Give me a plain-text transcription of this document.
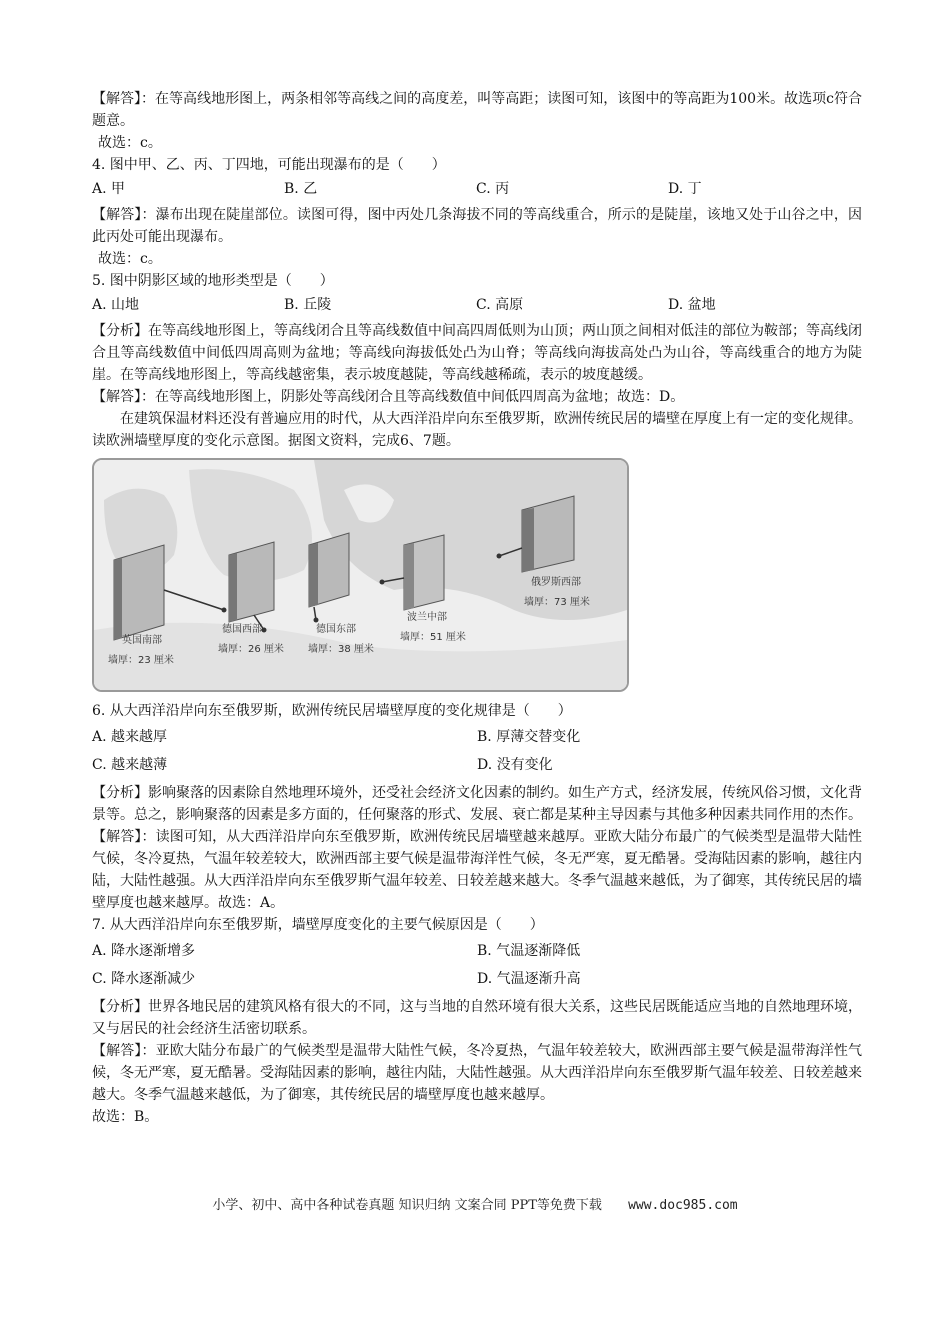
【解答】：在等高线地形图上，两条相邻等高线之间的高度差，叫等高距；读图可知，该图中的等高距为100米。故选项c符合题意。

故选：c。

4. 图中甲、乙、丙、丁四地，可能出现瀑布的是（　　）

A. 甲	B. 乙	C. 丙	D. 丁

【解答】：瀑布出现在陡崖部位。读图可得，图中丙处几条海拔不同的等高线重合，所示的是陡崖，该地又处于山谷之中，因此丙处可能出现瀑布。

故选：c。

5. 图中阴影区域的地形类型是（　　）

A. 山地	B. 丘陵	C. 高原	D. 盆地

【分析】在等高线地形图上，等高线闭合且等高线数值中间高四周低则为山顶；两山顶之间相对低洼的部位为鞍部；等高线闭合且等高线数值中间低四周高则为盆地；等高线向海拔低处凸为山脊；等高线向海拔高处凸为山谷，等高线重合的地方为陡崖。在等高线地形图上，等高线越密集，表示坡度越陡，等高线越稀疏，表示的坡度越缓。

【解答】：在等高线地形图上，阴影处等高线闭合且等高线数值中间低四周高为盆地；故选：D。

在建筑保温材料还没有普遍应用的时代，从大西洋沿岸向东至俄罗斯，欧洲传统民居的墙壁在厚度上有一定的变化规律。读欧洲墙壁厚度的变化示意图。据图文资料，完成6、7题。

英国南部
墙厚：23 厘米
德国西部
墙厚：26 厘米
德国东部
墙厚：38 厘米
波兰中部
墙厚：51 厘米
俄罗斯西部
墙厚：73 厘米

6. 从大西洋沿岸向东至俄罗斯，欧洲传统民居墙壁厚度的变化规律是（　　）

A. 越来越厚	B. 厚薄交替变化
C. 越来越薄	D. 没有变化

【分析】影响聚落的因素除自然地理环境外，还受社会经济文化因素的制约。如生产方式，经济发展，传统风俗习惯，文化背景等。总之，影响聚落的因素是多方面的，任何聚落的形式、发展、衰亡都是某种主导因素与其他多种因素共同作用的杰作。

【解答】：读图可知，从大西洋沿岸向东至俄罗斯，欧洲传统民居墙壁越来越厚。亚欧大陆分布最广的气候类型是温带大陆性气候，冬冷夏热，气温年较差较大，欧洲西部主要气候是温带海洋性气候，冬无严寒，夏无酷暑。受海陆因素的影响，越往内陆，大陆性越强。从大西洋沿岸向东至俄罗斯气温年较差、日较差越来越大。冬季气温越来越低，为了御寒，其传统民居的墙壁厚度也越来越厚。故选：A。

7. 从大西洋沿岸向东至俄罗斯，墙壁厚度变化的主要气候原因是（　　）

A. 降水逐渐增多	B. 气温逐渐降低
C. 降水逐渐减少	D. 气温逐渐升高

【分析】世界各地民居的建筑风格有很大的不同，这与当地的自然环境有很大关系，这些民居既能适应当地的自然地理环境，又与居民的社会经济生活密切联系。

【解答】：亚欧大陆分布最广的气候类型是温带大陆性气候，冬冷夏热，气温年较差较大，欧洲西部主要气候是温带海洋性气候，冬无严寒，夏无酷暑。受海陆因素的影响，越往内陆，大陆性越强。从大西洋沿岸向东至俄罗斯气温年较差、日较差越来越大。冬季气温越来越低，为了御寒，其传统民居的墙壁厚度也越来越厚。

故选：B。

小学、初中、高中各种试卷真题 知识归纳 文案合同 PPT等免费下载 www.doc985.com
